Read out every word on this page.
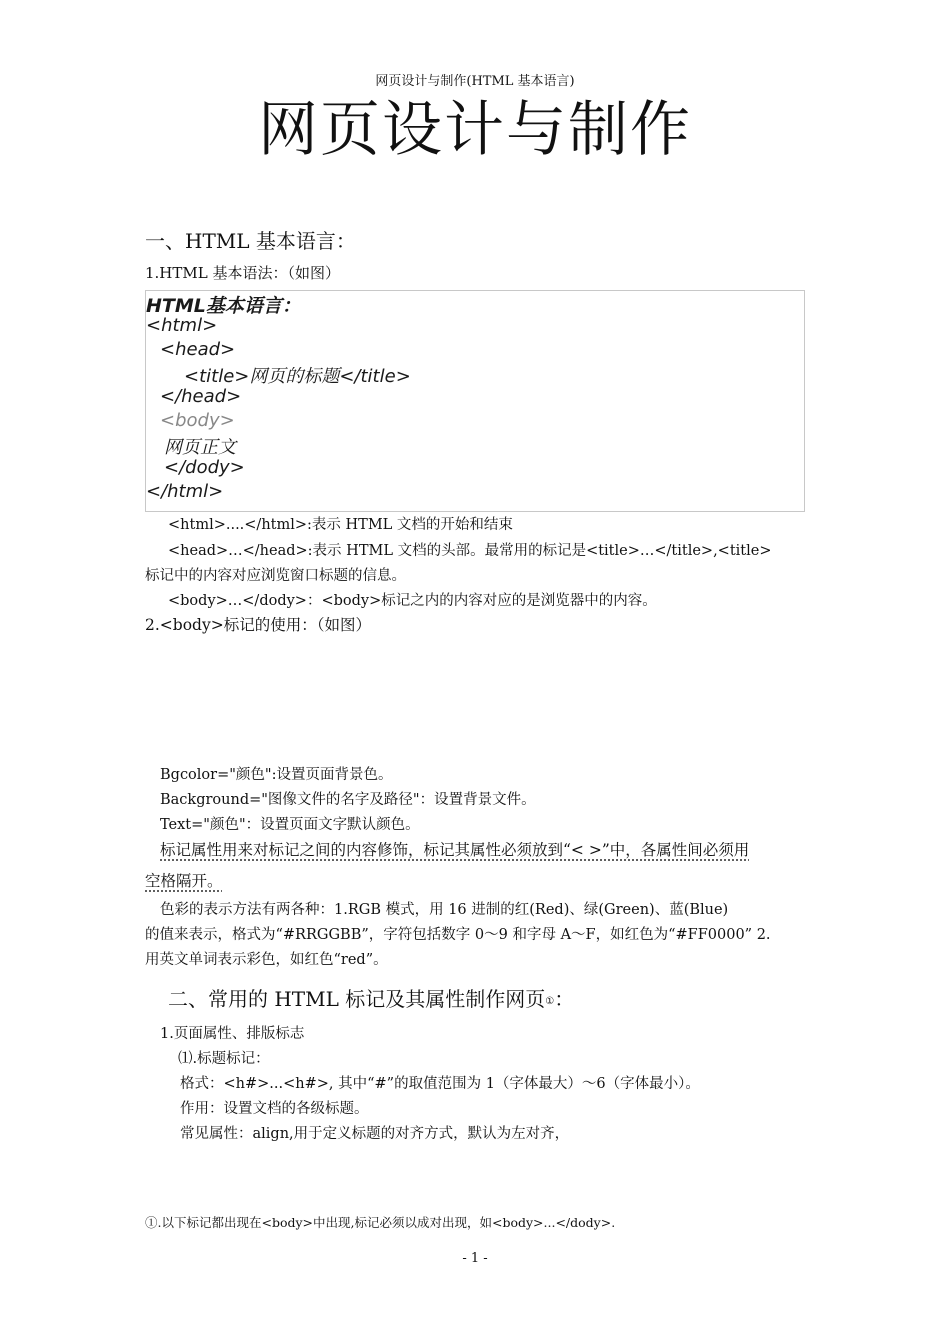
网页设计与制作(HTML 基本语言)
网页设计与制作
一、HTML 基本语言：
1.HTML 基本语法：（如图）
HTML基本语言：
<html>
<head>
<title>网页的标题</title>
</head>
<body>
网页正文
</dody>
</html>
<html>....</html>:表示 HTML 文档的开始和结束
<head>…</head>:表示 HTML 文档的头部。最常用的标记是<title>…</title>,<title>
标记中的内容对应浏览窗口标题的信息。
<body>…</dody>：<body>标记之内的内容对应的是浏览器中的内容。
2.<body>标记的使用：（如图）
Bgcolor="颜色":设置页面背景色。
Background="图像文件的名字及路径"：设置背景文件。
Text="颜色"：设置页面文字默认颜色。
标记属性用来对标记之间的内容修饰，标记其属性必须放到“< >”中，各属性间必须用
空格隔开。
色彩的表示方法有两各种：1.RGB 模式，用 16 进制的红(Red)、绿(Green)、蓝(Blue)
的值来表示，格式为“#RRGGBB”，字符包括数字 0～9 和字母 A～F，如红色为“#FF0000” 2.
用英文单词表示彩色，如红色“red”。
二、常用的 HTML 标记及其属性制作网页①：
1.页面属性、排版标志
⑴.标题标记：
格式：<h#>...<h#>, 其中“#”的取值范围为 1（字体最大）～6（字体最小）。
作用：设置文档的各级标题。
常见属性：align,用于定义标题的对齐方式，默认为左对齐，
①.以下标记都出现在<body>中出现,标记必须以成对出现，如<body>...</dody>.
- 1 -
